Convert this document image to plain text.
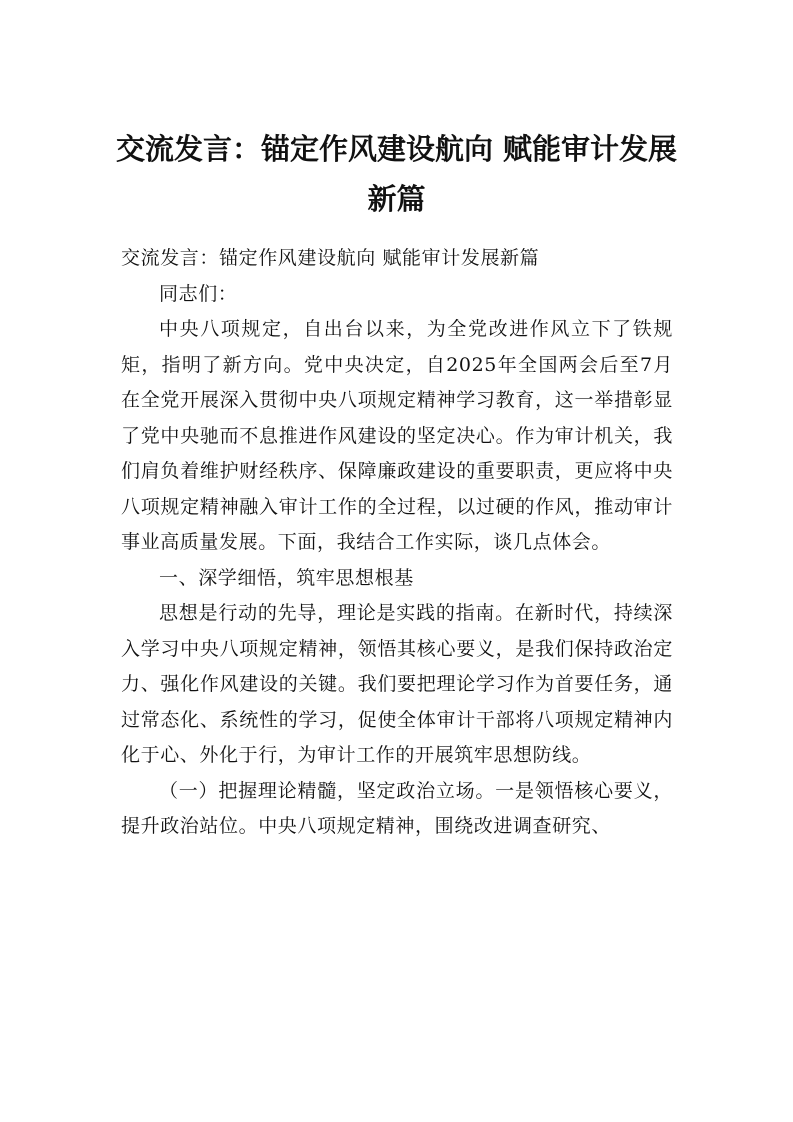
交流发言：锚定作风建设航向 赋能审计发展
新篇

交流发言：锚定作风建设航向 赋能审计发展新篇

同志们：

中央八项规定，自出台以来，为全党改进作风立下了铁规矩，指明了新方向。党中央决定，自2025年全国两会后至7月在全党开展深入贯彻中央八项规定精神学习教育，这一举措彰显了党中央驰而不息推进作风建设的坚定决心。作为审计机关，我们肩负着维护财经秩序、保障廉政建设的重要职责，更应将中央八项规定精神融入审计工作的全过程，以过硬的作风，推动审计事业高质量发展。下面，我结合工作实际，谈几点体会。

一、深学细悟，筑牢思想根基

思想是行动的先导，理论是实践的指南。在新时代，持续深入学习中央八项规定精神，领悟其核心要义，是我们保持政治定力、强化作风建设的关键。我们要把理论学习作为首要任务，通过常态化、系统性的学习，促使全体审计干部将八项规定精神内化于心、外化于行，为审计工作的开展筑牢思想防线。

（一）把握理论精髓，坚定政治立场。一是领悟核心要义，提升政治站位。中央八项规定精神，围绕改进调查研究、
